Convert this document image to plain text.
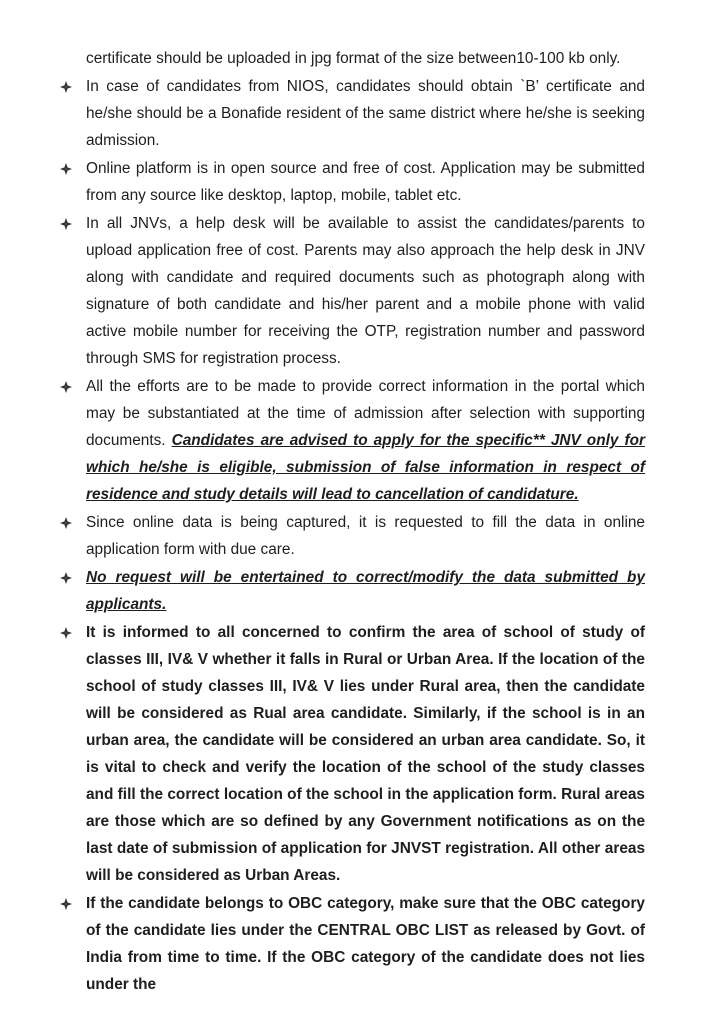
certificate should be uploaded in jpg format of the size between10-100 kb only.

In case of candidates from NIOS, candidates should obtain `B’ certificate and he/she should be a Bonafide resident of the same district where he/she is seeking admission.

Online platform is in open source and free of cost. Application may be submitted from any source like desktop, laptop, mobile, tablet etc.

In all JNVs, a help desk will be available to assist the candidates/parents to upload application free of cost. Parents may also approach the help desk in JNV along with candidate and required documents such as photograph along with signature of both candidate and his/her parent and a mobile phone with valid active mobile number for receiving the OTP, registration number and password through SMS for registration process.

All the efforts are to be made to provide correct information in the portal which may be substantiated at the time of admission after selection with supporting documents. Candidates are advised to apply for the specific** JNV only for which he/she is eligible, submission of false information in respect of residence and study details will lead to cancellation of candidature.

Since online data is being captured, it is requested to fill the data in online application form with due care.

No request will be entertained to correct/modify the data submitted by applicants.

It is informed to all concerned to confirm the area of school of study of classes III, IV& V whether it falls in Rural or Urban Area. If the location of the school of study classes III, IV& V lies under Rural area, then the candidate will be considered as Rual area candidate. Similarly, if the school is in an urban area, the candidate will be considered an urban area candidate. So, it is vital to check and verify the location of the school of the study classes and fill the correct location of the school in the application form. Rural areas are those which are so defined by any Government notifications as on the last date of submission of application for JNVST registration. All other areas will be considered as Urban Areas.

If the candidate belongs to OBC category, make sure that the OBC category of the candidate lies under the CENTRAL OBC LIST as released by Govt. of India from time to time. If the OBC category of the candidate does not lies under the
